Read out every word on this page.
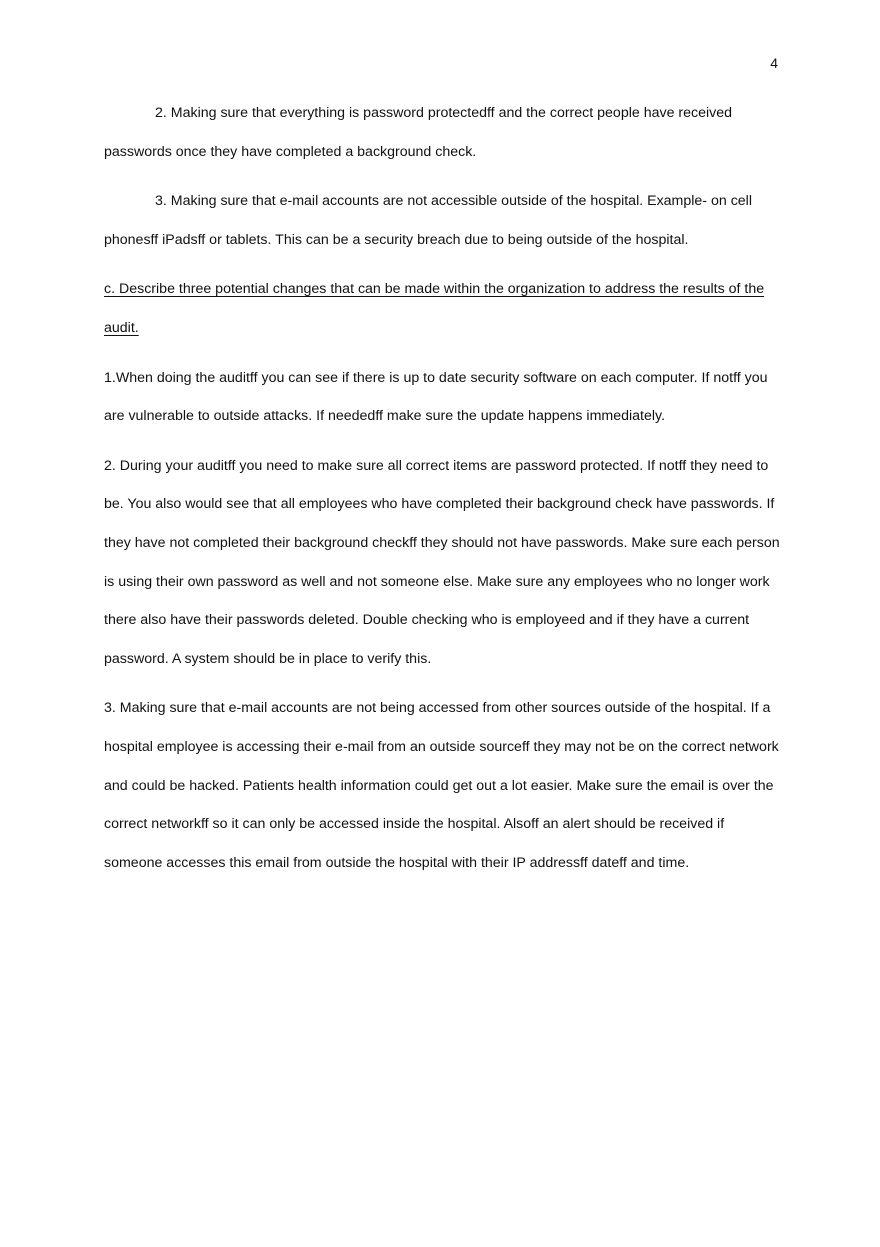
4

2. Making sure that everything is password protectedff and the correct people have received passwords once they have completed a background check.

3. Making sure that e-mail accounts are not accessible outside of the hospital. Example- on cell phonesff iPadsff or tablets. This can be a security breach due to being outside of the hospital.

c. Describe three potential changes that can be made within the organization to address the results of the audit.

1.When doing the auditff you can see if there is up to date security software on each computer. If notff you are vulnerable to outside attacks. If neededff make sure the update happens immediately.

2. During your auditff you need to make sure all correct items are password protected. If notff they need to be. You also would see that all employees who have completed their background check have passwords. If they have not completed their background checkff they should not have passwords. Make sure each person is using their own password as well and not someone else. Make sure any employees who no longer work there also have their passwords deleted. Double checking who is employeed and if they have a current password. A system should be in place to verify this.

3. Making sure that e-mail accounts are not being accessed from other sources outside of the hospital. If a hospital employee is accessing their e-mail from an outside sourceff they may not be on the correct network and could be hacked. Patients health information could get out a lot easier. Make sure the email is over the correct networkff so it can only be accessed inside the hospital. Alsoff an alert should be received if someone accesses this email from outside the hospital with their IP addressff dateff and time.
